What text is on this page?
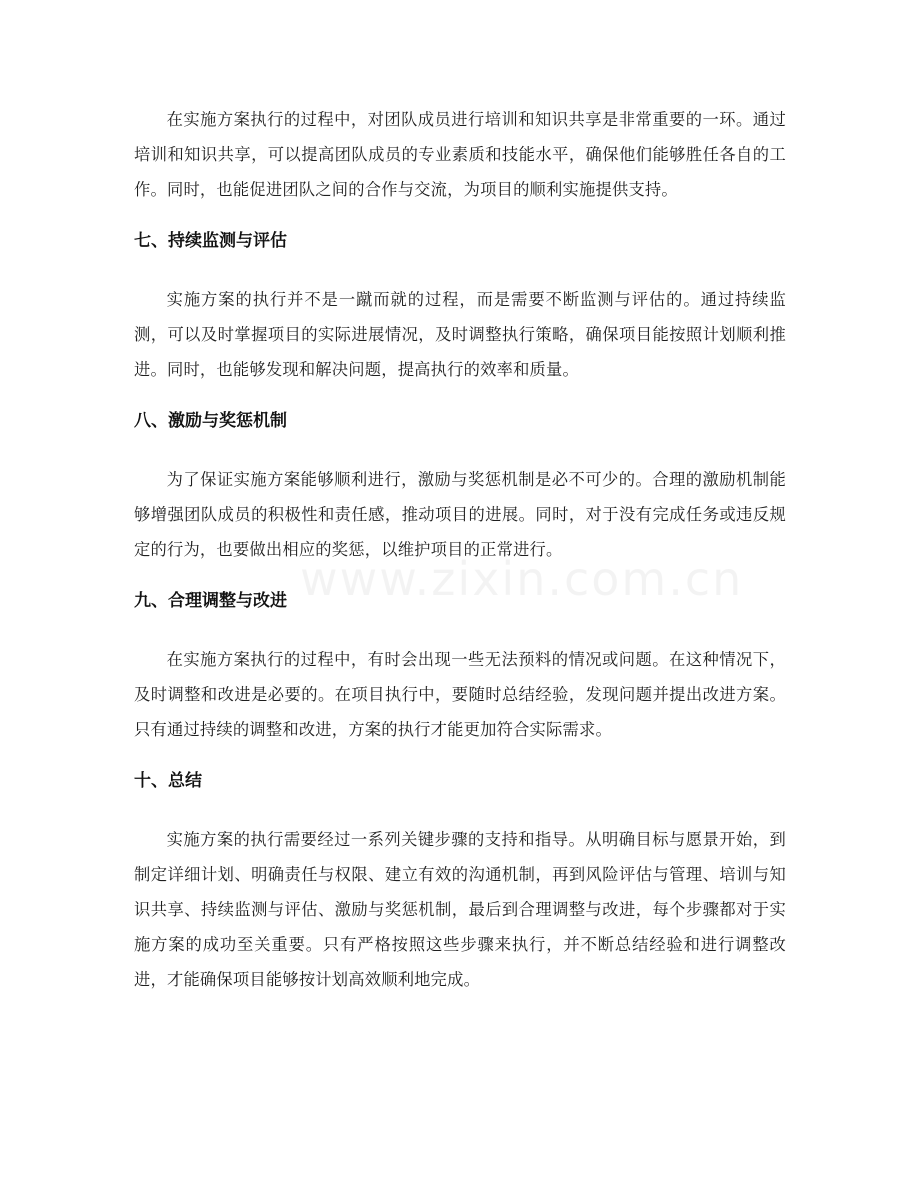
在实施方案执行的过程中，对团队成员进行培训和知识共享是非常重要的一环。通过培训和知识共享，可以提高团队成员的专业素质和技能水平，确保他们能够胜任各自的工作。同时，也能促进团队之间的合作与交流，为项目的顺利实施提供支持。

七、持续监测与评估

实施方案的执行并不是一蹴而就的过程，而是需要不断监测与评估的。通过持续监测，可以及时掌握项目的实际进展情况，及时调整执行策略，确保项目能按照计划顺利推进。同时，也能够发现和解决问题，提高执行的效率和质量。

八、激励与奖惩机制

为了保证实施方案能够顺利进行，激励与奖惩机制是必不可少的。合理的激励机制能够增强团队成员的积极性和责任感，推动项目的进展。同时，对于没有完成任务或违反规定的行为，也要做出相应的奖惩，以维护项目的正常进行。

九、合理调整与改进

在实施方案执行的过程中，有时会出现一些无法预料的情况或问题。在这种情况下，及时调整和改进是必要的。在项目执行中，要随时总结经验，发现问题并提出改进方案。只有通过持续的调整和改进，方案的执行才能更加符合实际需求。

十、总结

实施方案的执行需要经过一系列关键步骤的支持和指导。从明确目标与愿景开始，到制定详细计划、明确责任与权限、建立有效的沟通机制，再到风险评估与管理、培训与知识共享、持续监测与评估、激励与奖惩机制，最后到合理调整与改进，每个步骤都对于实施方案的成功至关重要。只有严格按照这些步骤来执行，并不断总结经验和进行调整改进，才能确保项目能够按计划高效顺利地完成。
